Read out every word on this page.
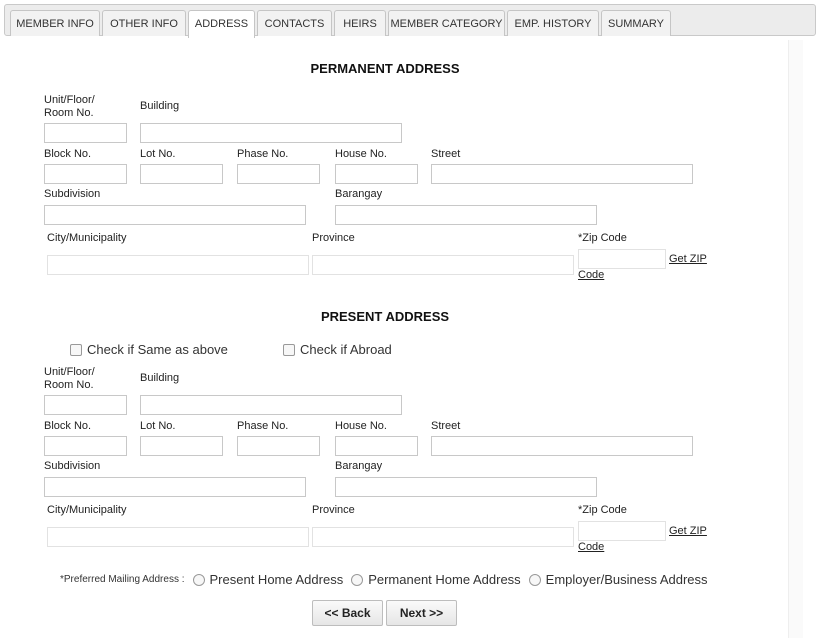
MEMBER INFO	OTHER INFO	ADDRESS	CONTACTS	HEIRS	MEMBER CATEGORY	EMP. HISTORY	SUMMARY
PERMANENT ADDRESS
Unit/Floor/
Room No.
Building
Block No.	Lot No.	Phase No.	House No.	Street
Subdivision	Barangay
City/Municipality	Province	*Zip Code
Get ZIP
Code
PRESENT ADDRESS
Check if Same as above	Check if Abroad
Unit/Floor/
Room No.
Building
Block No.	Lot No.	Phase No.	House No.	Street
Subdivision	Barangay
City/Municipality	Province	*Zip Code
Get ZIP
Code
*Preferred Mailing Address : Present Home Address Permanent Home Address Employer/Business Address
<< Back	Next >>
